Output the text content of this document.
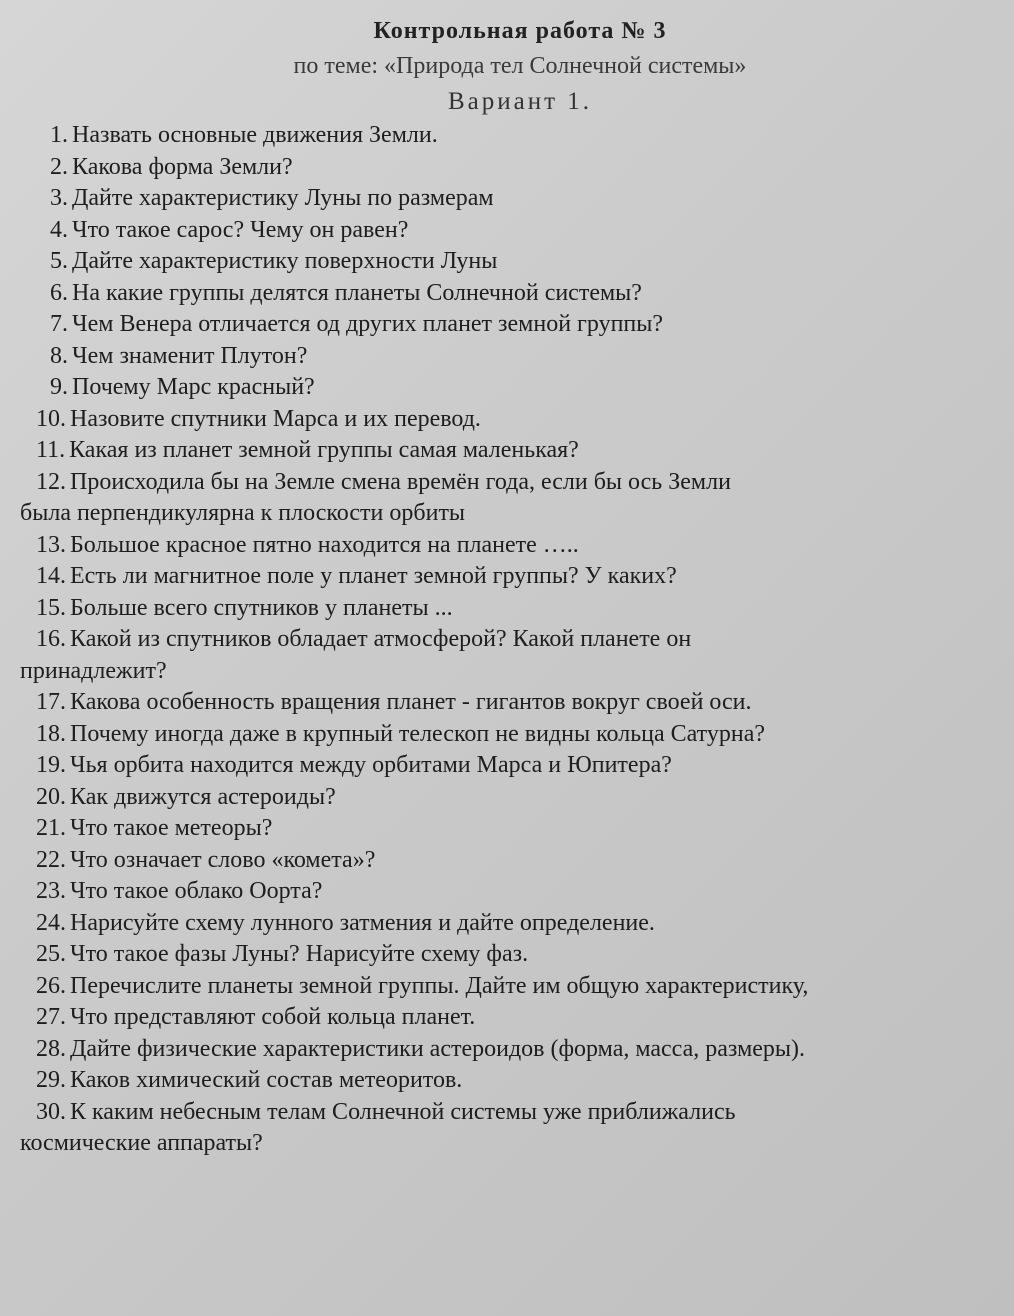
Контрольная работа № 3
по теме: «Природа тел Солнечной системы»
Вариант 1.
1. Назвать основные движения Земли.
2. Какова форма Земли?
3. Дайте характеристику Луны по размерам
4. Что такое сарос? Чему он равен?
5. Дайте характеристику поверхности Луны
6. На какие группы делятся планеты Солнечной системы?
7. Чем Венера отличается од других планет земной группы?
8. Чем знаменит Плутон?
9. Почему Марс красный?
10. Назовите спутники Марса и их перевод.
11. Какая из планет земной группы самая маленькая?
12. Происходила бы на Земле смена времён года, если бы ось Земли
была перпендикулярна к плоскости орбиты
13. Большое красное пятно находится на планете …..
14. Есть ли магнитное поле у планет земной группы? У каких?
15. Больше всего спутников у планеты ...
16. Какой из спутников обладает атмосферой? Какой планете он
принадлежит?
17. Какова особенность вращения планет - гигантов вокруг своей оси.
18. Почему иногда даже в крупный телескоп не видны кольца Сатурна?
19. Чья орбита находится между орбитами Марса и Юпитера?
20. Как движутся астероиды?
21. Что такое метеоры?
22. Что означает слово «комета»?
23. Что такое облако Оорта?
24. Нарисуйте схему лунного затмения и дайте определение.
25. Что такое фазы Луны? Нарисуйте схему фаз.
26. Перечислите планеты земной группы. Дайте им общую характеристику,
27. Что представляют собой кольца планет.
28. Дайте физические характеристики астероидов (форма, масса, размеры).
29. Каков химический состав метеоритов.
30. К каким небесным телам Солнечной системы уже приближались
космические аппараты?
